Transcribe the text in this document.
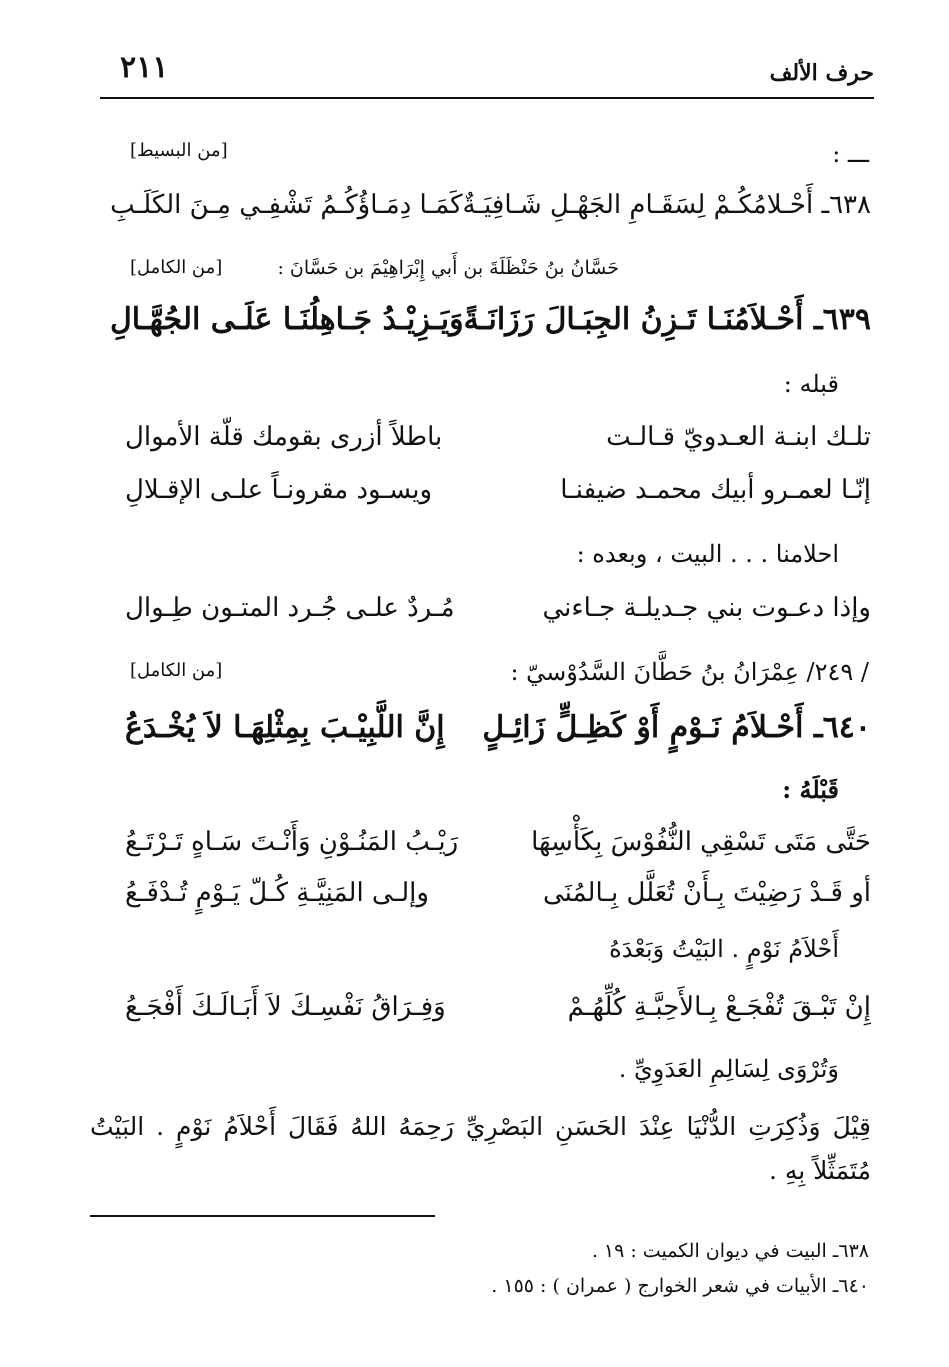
حرف الألف
٢١١
ـــ :
[من البسيط]
٦٣٨ـ أَحْـلامُكُـمْ لِسَقَـامِ الجَهْـلِ شَـافِيَـةٌ
كَمَـا دِمَـاؤُكُـمُ تَشْفِـي مِـنَ الكَلَـبِ
حَسَّانُ بنُ حَنْظَلَةَ بن أَبي إِبْرَاهِيْمَ بن حَسَّانَ :
[من الكامل]
٦٣٩ـ أَحْـلاَمُنَـا تَـزِنُ الجِبَـالَ رَزَانَـةً
وَيَـزِيْـدُ جَـاهِلُنَـا عَلَـى الجُهَّـالِ
قبله :
تلـك ابنـة العـدويّ قـالـت
باطلاً أزرى بقومك قلّة الأموال
إنّـا لعمـرو أبيك محمـد ضيفنـا
ويسـود مقرونـاً علـى الإقـلالِ
احلامنا . . . البيت ، وبعده :
وإذا دعـوت بني جـديلـة جـاءني
مُـردٌ علـى جُـرد المتـون طِـوال
/ ٢٤٩/ عِمْرَانُ بنُ حَطَّانَ السَّدُوْسيّ :
[من الكامل]
٦٤٠ـ أَحْـلاَمُ نَـوْمٍ أَوْ كَظِـلٍّ زَائِـلٍ
إِنَّ اللَّبِيْـبَ بِمِثْلِهَـا لاَ يُخْـدَعُ
قَبْلَهُ :
حَتَّى مَتَى تَسْقِي النُّفُوْسَ بِكَأْسِهَا
رَيْـبُ المَنُـوْنِ وَأَنْـتَ سَـاهٍ تَـرْتَـعُ
أو قَـدْ رَضِيْتَ بِـأَنْ تُعَلَّل بِـالمُنَى
وإلـى المَنِيَّـةِ كُـلّ يَـوْمٍ تُـدْفَـعُ
أَحْلاَمُ نَوْمٍ . البَيْتُ وَبَعْدَهُ
إِنْ تَبْـقَ تُفْجَـعْ بِـالأَحِبَّـةِ كُلِّهُـمْ
وَفِـرَاقُ نَفْسِـكَ لاَ أَبَـالَـكَ أَفْجَـعُ
وَتُرْوَى لِسَالِمِ العَدَوِيِّ .
قِيْلَ وَذُكِرَتِ الدُّنْيَا عِنْدَ الحَسَنِ البَصْرِيِّ رَحِمَهُ اللهُ فَقَالَ أَحْلاَمُ نَوْمٍ . البَيْتُ مُتَمَثِّلاً بِهِ .
٦٣٨ـ البيت في ديوان الكميت : ١٩ .
٦٤٠ـ الأبيات في شعر الخوارج ( عمران ) : ١٥٥ .
